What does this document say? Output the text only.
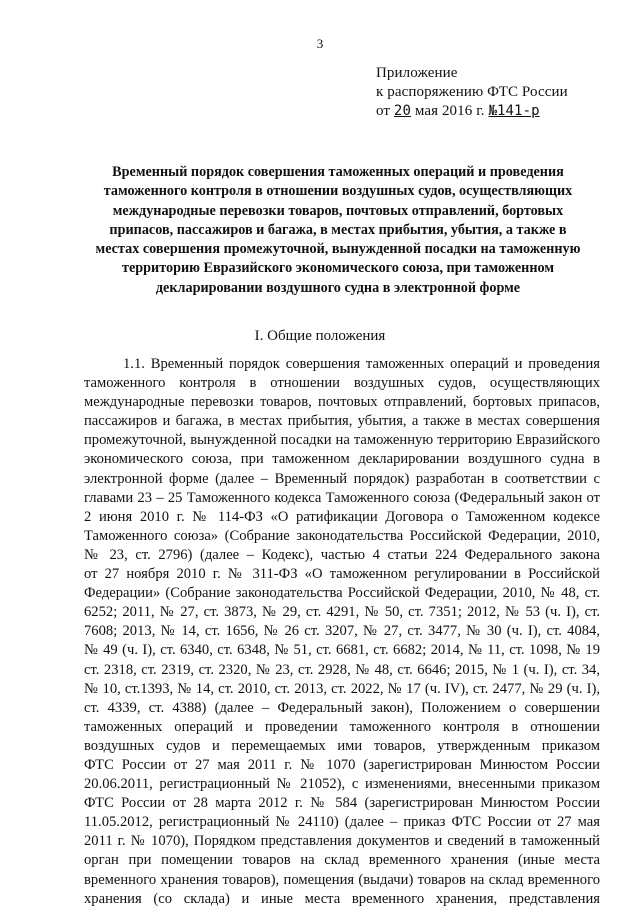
3
Приложение
к распоряжению ФТС России
от 20 мая 2016 г. №141-р
Временный порядок совершения таможенных операций и проведения
таможенного контроля в отношении воздушных судов, осуществляющих
международные перевозки товаров, почтовых отправлений, бортовых
припасов, пассажиров и багажа, в местах прибытия, убытия, а также в
местах совершения промежуточной, вынужденной посадки на таможенную
территорию Евразийского экономического союза, при таможенном
декларировании воздушного судна в электронной форме
I. Общие положения
1.1. Временный порядок совершения таможенных операций и проведения
таможенного контроля в отношении воздушных судов, осуществляющих
международные перевозки товаров, почтовых отправлений, бортовых припасов,
пассажиров и багажа, в местах прибытия, убытия, а также в местах совершения
промежуточной, вынужденной посадки на таможенную территорию Евразийского
экономического союза, при таможенном декларировании воздушного судна в
электронной форме (далее – Временный порядок) разработан в соответствии с
главами 23 – 25 Таможенного кодекса Таможенного союза (Федеральный закон от
2 июня 2010 г. № 114-ФЗ «О ратификации Договора о Таможенном кодексе
Таможенного союза» (Собрание законодательства Российской Федерации, 2010,
№ 23, ст. 2796) (далее – Кодекс), частью 4 статьи 224 Федерального закона
от 27 ноября 2010 г. № 311-ФЗ «О таможенном регулировании в Российской
Федерации» (Собрание законодательства Российской Федерации, 2010, № 48, ст.
6252; 2011, № 27, ст. 3873, № 29, ст. 4291, № 50, ст. 7351; 2012, № 53 (ч. I), ст.
7608; 2013, № 14, ст. 1656, № 26 ст. 3207, № 27, ст. 3477, № 30 (ч. I), ст. 4084,
№ 49 (ч. I), ст. 6340, ст. 6348, № 51, ст. 6681, ст. 6682; 2014, № 11, ст. 1098, № 19
ст. 2318, ст. 2319, ст. 2320, № 23, ст. 2928, № 48, ст. 6646; 2015, № 1 (ч. I), ст. 34,
№ 10, ст.1393, № 14, ст. 2010, ст. 2013, ст. 2022, № 17 (ч. IV), ст. 2477, № 29 (ч. I),
ст. 4339, ст. 4388) (далее – Федеральный закон), Положением о совершении
таможенных операций и проведении таможенного контроля в отношении
воздушных судов и перемещаемых ими товаров, утвержденным приказом
ФТС России от 27 мая 2011 г. № 1070 (зарегистрирован Минюстом России
20.06.2011, регистрационный № 21052), с изменениями, внесенными приказом
ФТС России от 28 марта 2012 г. № 584 (зарегистрирован Минюстом России
11.05.2012, регистрационный № 24110) (далее – приказ ФТС России от 27 мая
2011 г. № 1070), Порядком представления документов и сведений в таможенный
орган при помещении товаров на склад временного хранения (иные места
временного хранения товаров), помещения (выдачи) товаров на склад временного
хранения (со склада) и иные места временного хранения, представления
